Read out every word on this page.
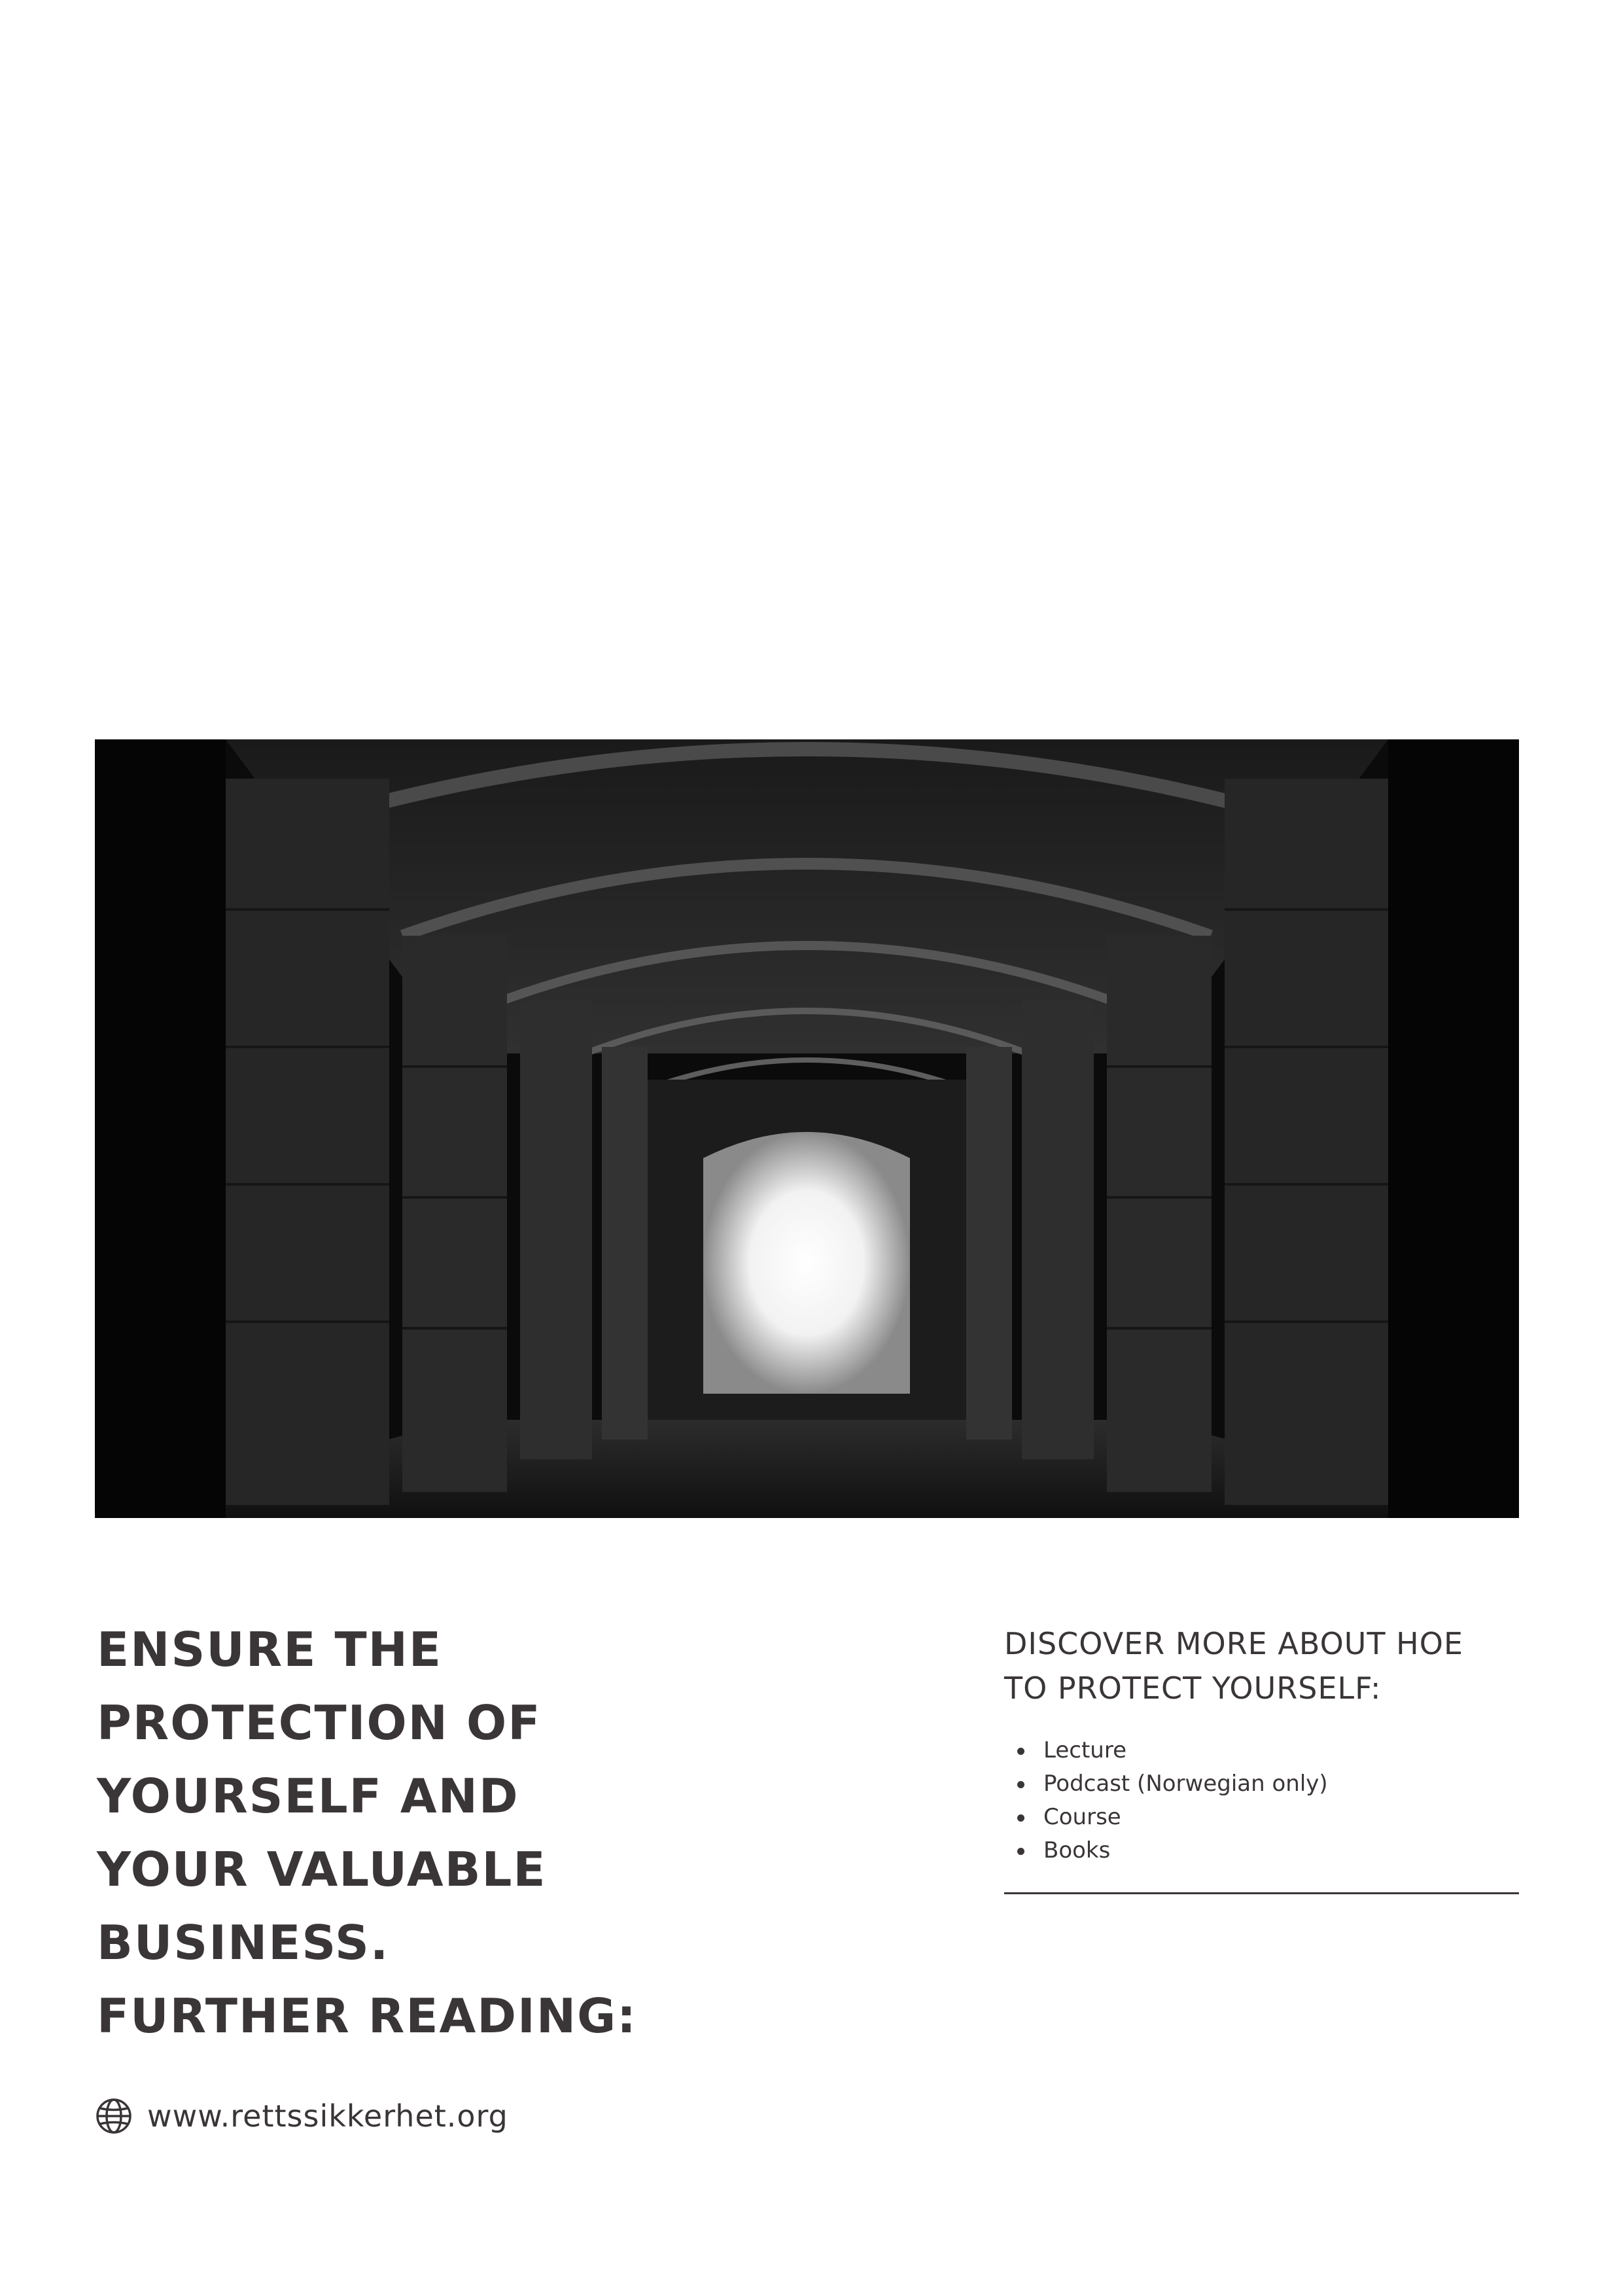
ENSURE THE
PROTECTION OF
YOURSELF AND
YOUR VALUABLE
BUSINESS.
FURTHER READING:
DISCOVER MORE ABOUT HOE
TO PROTECT YOURSELF:
Lecture
Podcast (Norwegian only)
Course
Books
www.rettssikkerhet.org
